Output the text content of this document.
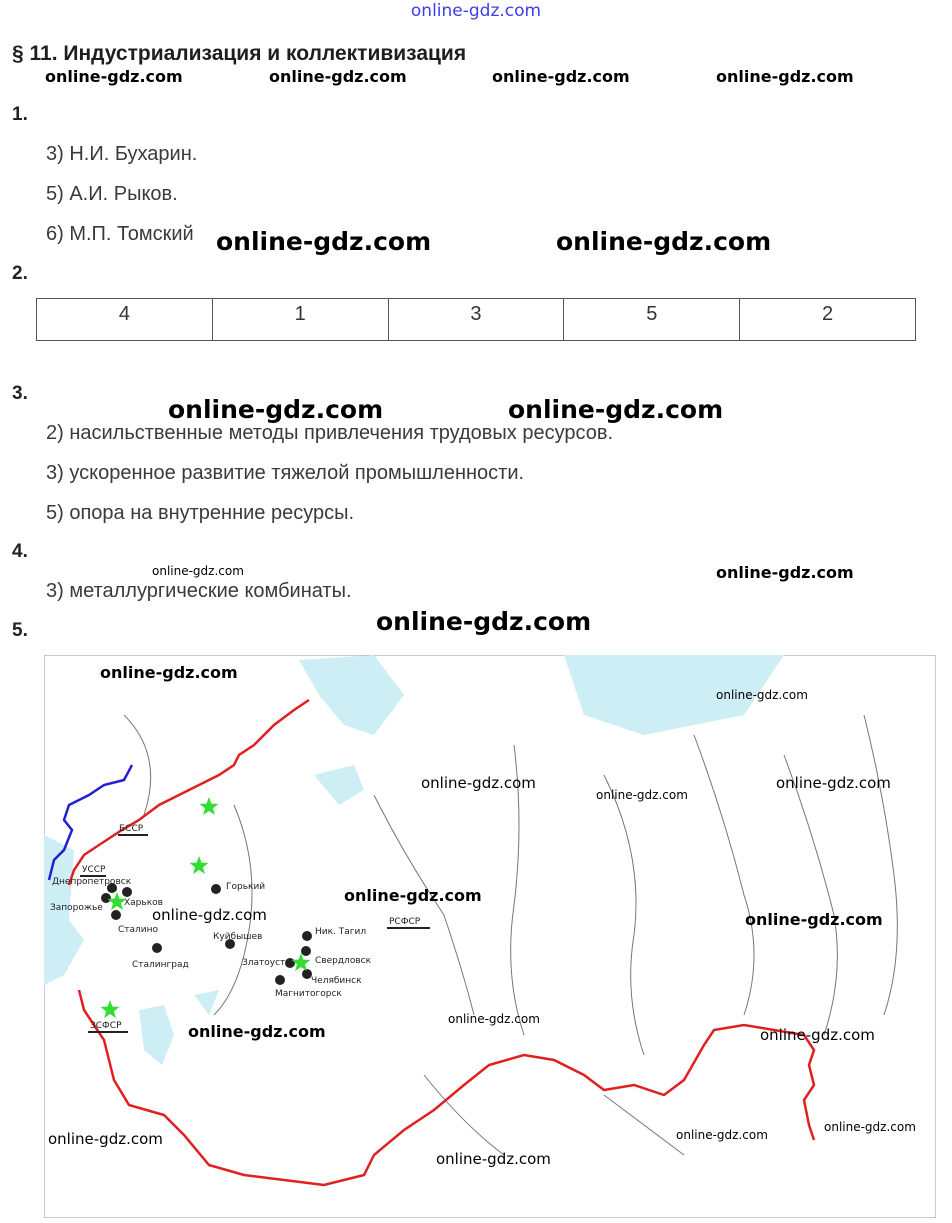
online-gdz.com
§ 11. Индустриализация и коллективизация
online-gdz.com	online-gdz.com	online-gdz.com	online-gdz.com
1.
3) Н.И. Бухарин.
5) А.И. Рыков.
6) М.П. Томский online-gdz.com	online-gdz.com
2.
4	1	3	5	2
3.
online-gdz.com	online-gdz.com
2) насильственные методы привлечения трудовых ресурсов.
3) ускоренное развитие тяжелой промышленности.
5) опора на внутренние ресурсы.
4.
online-gdz.com	online-gdz.com
3) металлургические комбинаты.
5.	online-gdz.com
БССР
УССР
РСФСР
ЗСФСР
Днепропетровск
Харьков
Запорожье
Сталино
Горький
Куйбышев
Сталинград
Ник. Тагил
Свердловск
Златоуст
Челябинск
Магнитогорск
online-gdz.com
online-gdz.com
online-gdz.com
online-gdz.com
online-gdz.com
online-gdz.com
online-gdz.com	online-gdz.com
online-gdz.com
online-gdz.com	online-gdz.com
online-gdz.com
online-gdz.com	online-gdz.com
online-gdz.com
